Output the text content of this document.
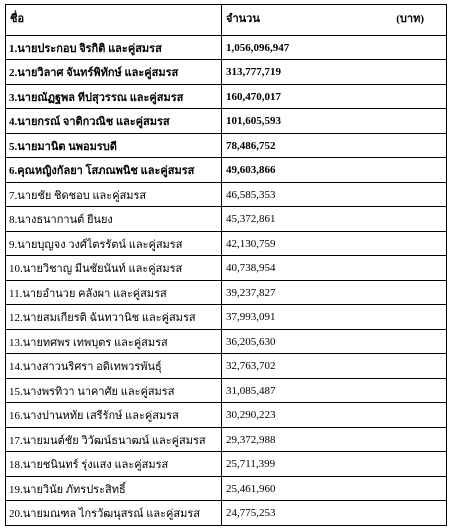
ชื่อ	จำนวน (บาท)

1.นายประกอบ จิรกิติ และคู่สมรส	1,056,096,947
2.นายวิลาศ จันทร์พิทักษ์ และคู่สมรส	313,777,719
3.นายณัฏฐพล ทีปสุวรรณ และคู่สมรส	160,470,017
4.นายกรณ์ จาติกวณิช และคู่สมรส	101,605,593
5.นายมานิต นพอมรบดี	78,486,752
6.คุณหญิงกัลยา โสภณพนิช และคู่สมรส	49,603,866
7.นายชัย ชิดชอบ และคู่สมรส	46,585,353
8.นางธนากานต์ ยีนยง	45,372,861
9.นายบุญจง วงศ์ไตรรัตน์ และคู่สมรส	42,130,759
10.นายวิชาญ มีนชัยนันท์ และคู่สมรส	40,738,954
11.นายอำนวย คลังผา และคู่สมรส	39,237,827
12.นายสมเกียรติ ฉันทวานิช และคู่สมรส	37,993,091
13.นายทศพร เทพบุตร และคู่สมรส	36,205,630
14.นางสาวนริศรา อดิเทพวรพันธุ์	32,763,702
15.นางพรทิวา นาคาศัย และคู่สมรส	31,085,487
16.นางปานหทัย เสรีรักษ์ และคู่สมรส	30,290,223
17.นายมนต์ชัย วิวัฒน์ธนาฒน์ และคู่สมรส	29,372,988
18.นายชนินทร์ รุ่งแสง และคู่สมรส	25,711,399
19.นายวินัย ภัทรประสิทธิ์	25,461,960
20.นายมณฑล ไกรวัฒนุสรณ์ และคู่สมรส	24,775,253
